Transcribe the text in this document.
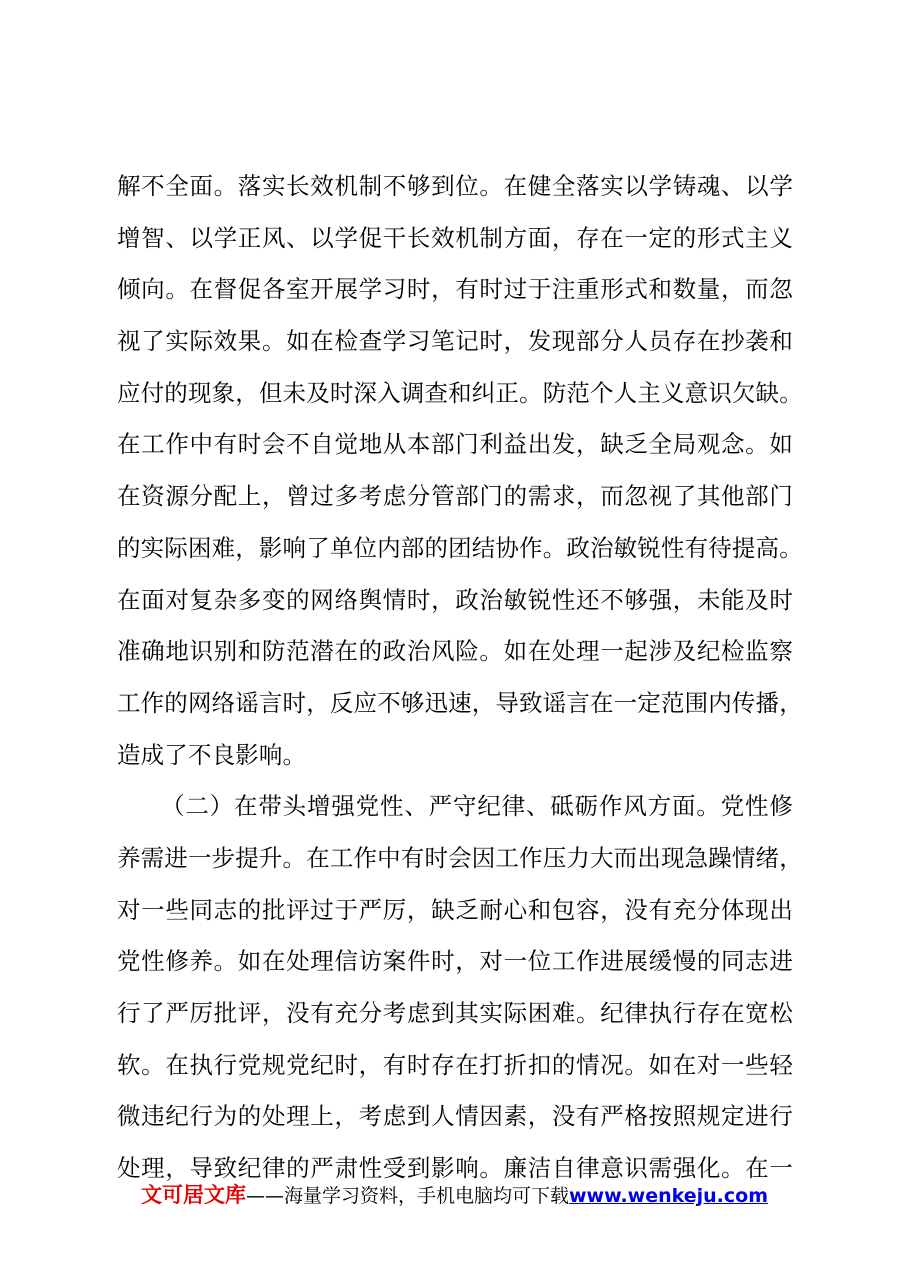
解不全面。落实长效机制不够到位。在健全落实以学铸魂、以学
增智、以学正风、以学促干长效机制方面，存在一定的形式主义
倾向。在督促各室开展学习时，有时过于注重形式和数量，而忽
视了实际效果。如在检查学习笔记时，发现部分人员存在抄袭和
应付的现象，但未及时深入调查和纠正。防范个人主义意识欠缺。
在工作中有时会不自觉地从本部门利益出发，缺乏全局观念。如
在资源分配上，曾过多考虑分管部门的需求，而忽视了其他部门
的实际困难，影响了单位内部的团结协作。政治敏锐性有待提高。
在面对复杂多变的网络舆情时，政治敏锐性还不够强，未能及时
准确地识别和防范潜在的政治风险。如在处理一起涉及纪检监察
工作的网络谣言时，反应不够迅速，导致谣言在一定范围内传播，
造成了不良影响。
（二）在带头增强党性、严守纪律、砥砺作风方面。党性修
养需进一步提升。在工作中有时会因工作压力大而出现急躁情绪，
对一些同志的批评过于严厉，缺乏耐心和包容，没有充分体现出
党性修养。如在处理信访案件时，对一位工作进展缓慢的同志进
行了严厉批评，没有充分考虑到其实际困难。纪律执行存在宽松
软。在执行党规党纪时，有时存在打折扣的情况。如在对一些轻
微违纪行为的处理上，考虑到人情因素，没有严格按照规定进行
处理，导致纪律的严肃性受到影响。廉洁自律意识需强化。在一
文可居文库——海量学习资料，手机电脑均可下载www.wenkeju.com
